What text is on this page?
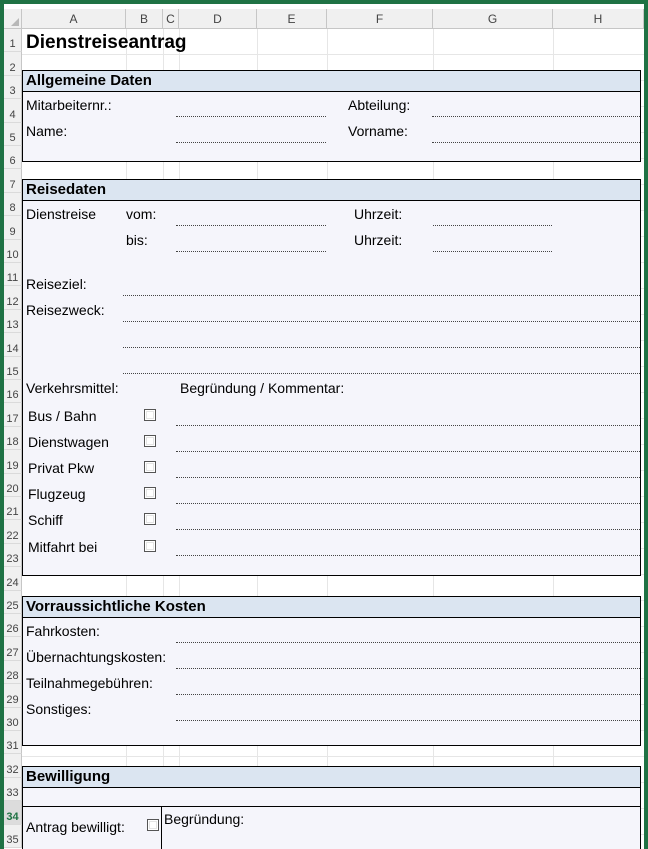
A	B	C	D	E	F	G	H
1
2
3
4
5
6
7
8
9
10
11
12
13
14
15
16
17
18
19
20
21
22
23
24
25
26
27
28
29
30
31
32
33
34
35
Dienstreiseantrag
Allgemeine Daten
Mitarbeiternr.:	Abteilung:
Name:	Vorname:
Reisedaten
Dienstreise vom:	Uhrzeit:
bis:	Uhrzeit:
Reiseziel:
Reisezweck:
Verkehrsmittel:	Begründung / Kommentar:
Bus / Bahn
Dienstwagen
Privat Pkw
Flugzeug
Schiff
Mitfahrt bei
Vorraussichtliche Kosten
Fahrkosten:
Übernachtungskosten:
Teilnahmegebühren:
Sonstiges:
Bewilligung
Antrag bewilligt:	Begründung:
